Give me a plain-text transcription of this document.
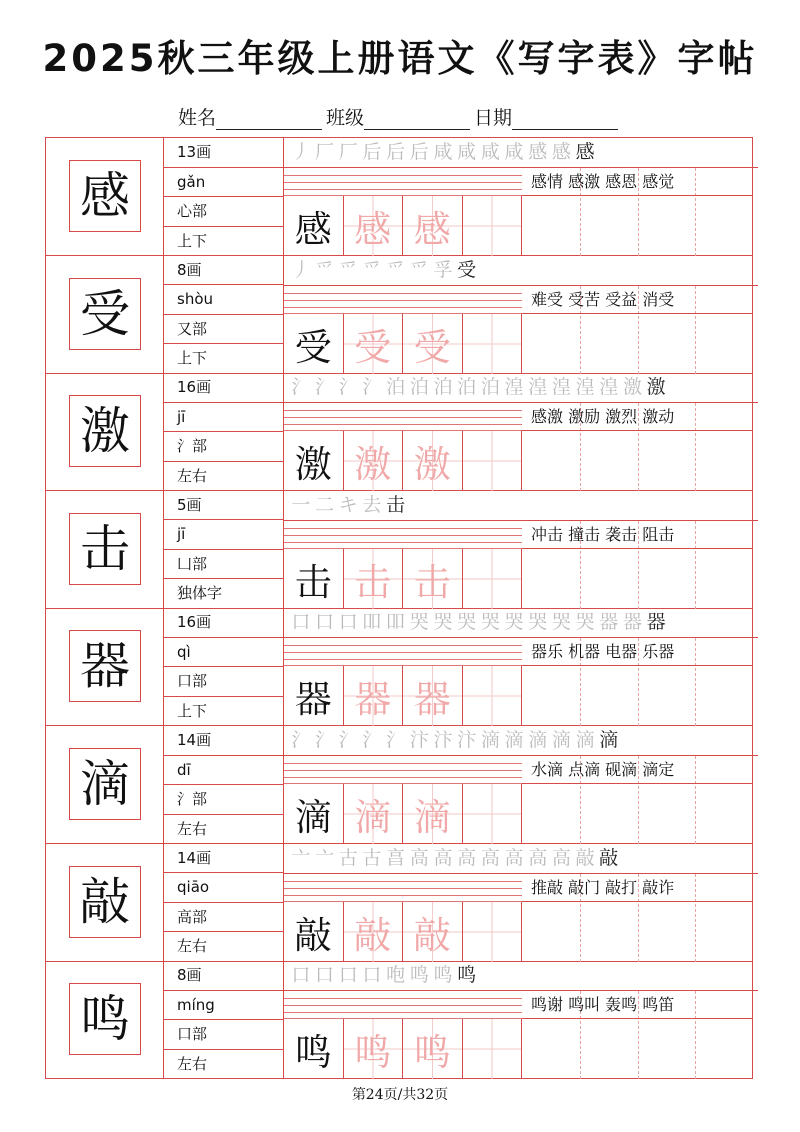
2025秋三年级上册语文《写字表》字帖
姓名	班级	日期
感
13画
gǎn
心部
上下
丿 厂 厂 后 后 后 咸 咸 咸 咸 感 感 感
感情 感激 感恩 感觉
感 感 感
受
8画
shòu
又部
上下
丿 爫 爫 爫 爫 爫 孚 受
难受 受苦 受益 消受
受 受 受
激
16画
jī
氵部
左右
氵 氵 氵 氵 泊 泊 泊 泊 泊 湟 湟 湟 湟 湟 激 激
感激 激励 激烈 激动
激 激 激
击
5画
jī
凵部
独体字
一 二 キ 去 击
冲击 撞击 袭击 阻击
击 击 击
器
16画
qì
口部
上下
口 口 口 吅 吅 哭 哭 哭 哭 哭 哭 哭 哭 器 器 器
器乐 机器 电器 乐器
器 器 器
滴
14画
dī
氵部
左右
氵 氵 氵 氵 氵 汴 汴 汴 滴 滴 滴 滴 滴 滴
水滴 点滴 砚滴 滴定
滴 滴 滴
敲
14画
qiāo
高部
左右
亠 亠 古 古 亯 高 高 高 高 高 高 高 敲 敲
推敲 敲门 敲打 敲诈
敲 敲 敲
鸣
8画
míng
口部
左右
口 口 口 口 咆 鸣 鸣 鸣
鸣谢 鸣叫 轰鸣 鸣笛
鸣 鸣 鸣
第24页/共32页
